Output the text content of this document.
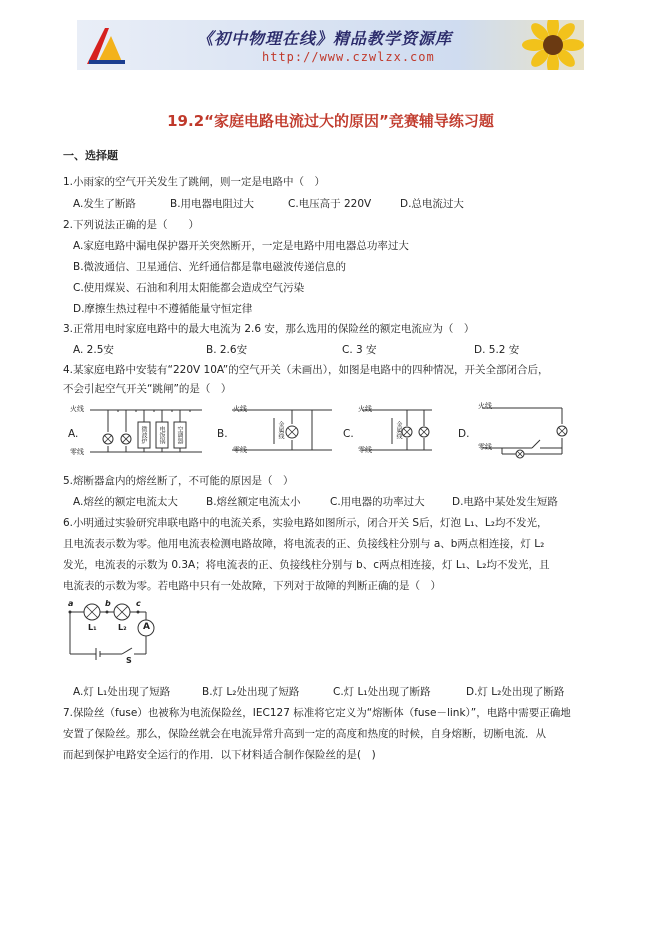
《初中物理在线》精品教学资源库
http://www.czwlzx.com
19.2“家庭电路电流过大的原因”竞赛辅导练习题
一、选择题
1.小雨家的空气开关发生了跳闸，则一定是电路中（　）
A.发生了断路	B.用电器电阻过大	C.电压高于 220V	D.总电流过大
2.下列说法正确的是（　　）
A.家庭电路中漏电保护器开关突然断开，一定是电路中用电器总功率过大
B.微波通信、卫星通信、光纤通信都是靠电磁波传递信息的
C.使用煤炭、石油和利用太阳能都会造成空气污染
D.摩擦生热过程中不遵循能量守恒定律
3.正常用电时家庭电路中的最大电流为 2.6 安，那么选用的保险丝的额定电流应为（　）
A. 2.5安	B. 2.6安	C. 3 安	D. 5.2 安
4.某家庭电路中安装有“220V 10A”的空气开关（未画出），如图是电路中的四种情况，开关全部闭合后，
不会引起空气开关“跳闸”的是（　）
A.	B.	C.	D.
火线
零线
火线
零线
火线
零线
火线
零线
微波炉 电饭锅 空调器	金属线	金属线
5.熔断器盒内的熔丝断了，不可能的原因是（　）
A.熔丝的额定电流太大	B.熔丝额定电流太小	C.用电器的功率过大	D.电路中某处发生短路
6.小明通过实验研究串联电路中的电流关系，实验电路如图所示，闭合开关 S后，灯泡 L₁、L₂均不发光，
且电流表示数为零。他用电流表检测电路故障，将电流表的正、负接线柱分别与 a、b两点相连接，灯 L₂
发光，电流表的示数为 0.3A；将电流表的正、负接线柱分别与 b、c两点相连接，灯 L₁、L₂均不发光，且
电流表的示数为零。若电路中只有一处故障，下列对于故障的判断正确的是（　）
a	b	c
L₁	L₂ A
S
A.灯 L₁处出现了短路	B.灯 L₂处出现了短路	C.灯 L₁处出现了断路	D.灯 L₂处出现了断路
7.保险丝（fuse）也被称为电流保险丝，IEC127 标准将它定义为“熔断体（fuse－link）”，电路中需要正确地
安置了保险丝。那么，保险丝就会在电流异常升高到一定的高度和热度的时候，自身熔断，切断电流．从
而起到保护电路安全运行的作用．以下材料适合制作保险丝的是(　)
